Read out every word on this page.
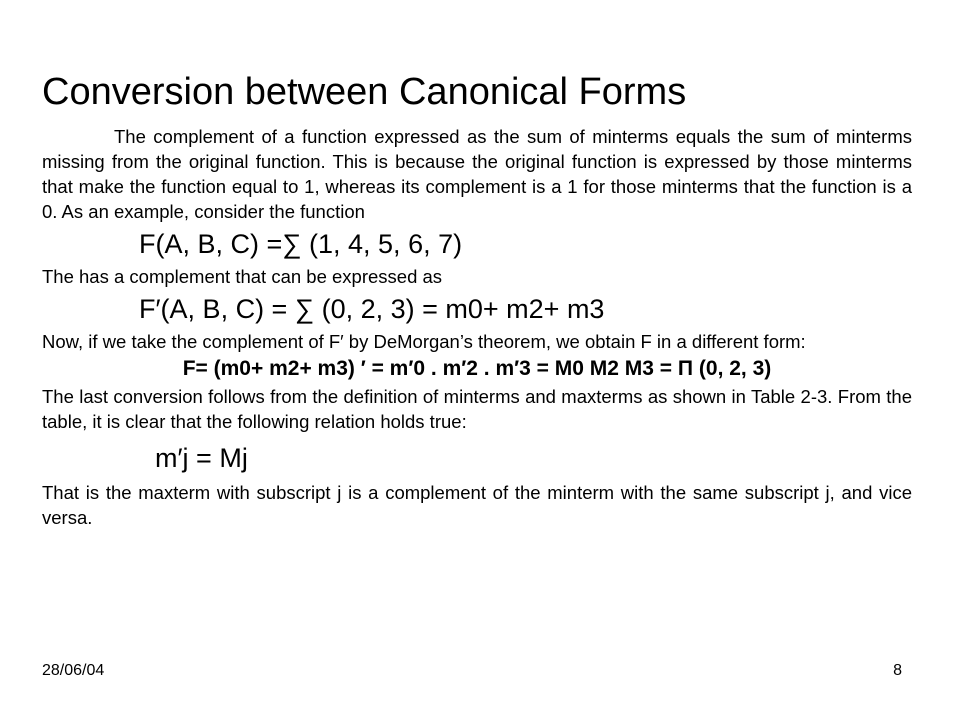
Conversion between Canonical Forms

The complement of a function expressed as the sum of minterms equals the sum of minterms missing from the original function. This is because the original function is expressed by those minterms that make the function equal to 1, whereas its complement is a 1 for those minterms that the function is a 0. As an example, consider the function

F(A, B, C) =∑ (1, 4, 5, 6, 7)

The has a complement that can be expressed as

F′(A, B, C) = ∑ (0, 2, 3) = m0+ m2+ m3

Now, if we take the complement of F′ by DeMorgan’s theorem, we obtain F in a different form:

F= (m0+ m2+ m3) ′ = m′0 . m′2 . m′3 = M0 M2 M3 = Π (0, 2, 3)

The last conversion follows from the definition of minterms and maxterms as shown in Table 2-3. From the table, it is clear that the following relation holds true:

m′j = Mj

That is the maxterm with subscript j is a complement of the minterm with the same subscript j, and vice versa.

28/06/04	8
